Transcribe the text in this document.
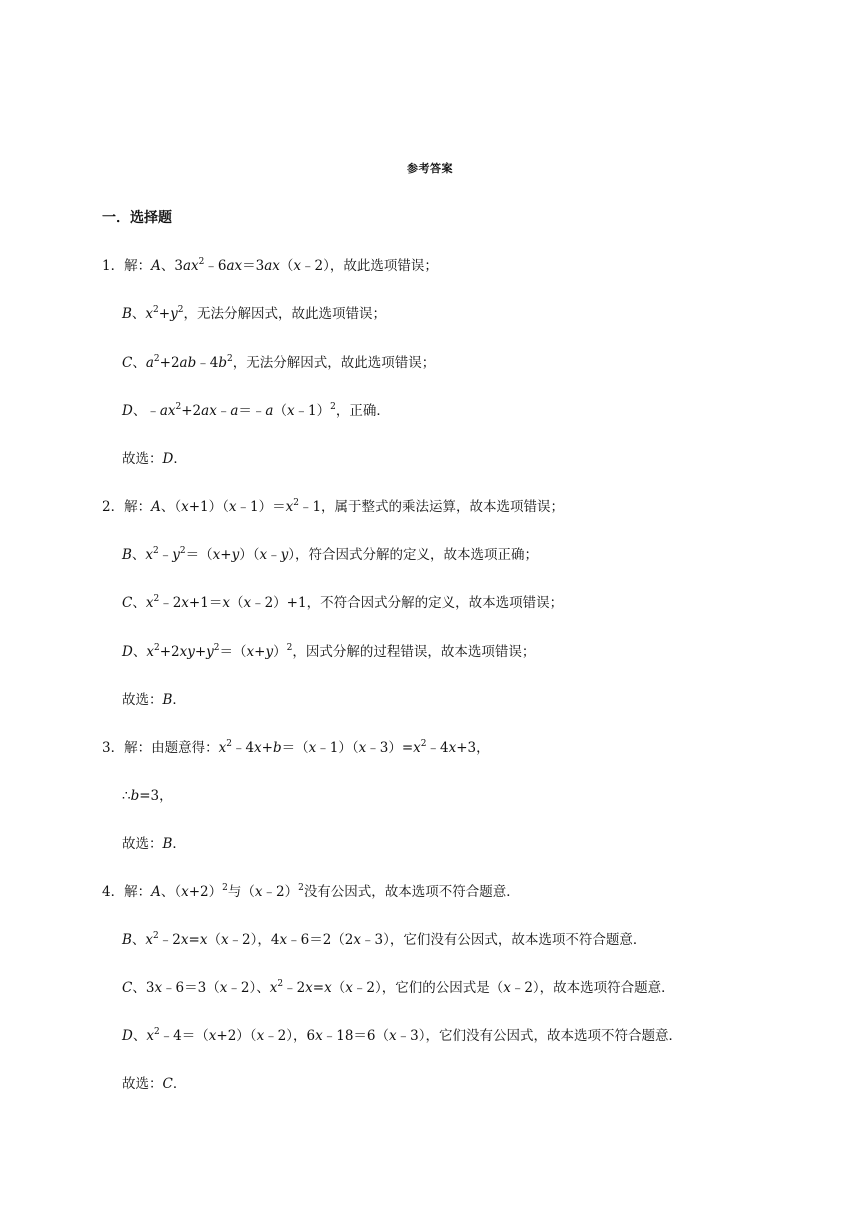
参考答案
一．选择题
1．解：A、$3ax^2﹣6ax=3ax(x﹣2)$，故此选项错误；
B、$x^2+y^2$，无法分解因式，故此选项错误；
C、$a^2+2ab﹣4b^2$，无法分解因式，故此选项错误；
D、$﹣ax^2+2ax﹣a=﹣a(x﹣1)^2$，正确．
故选：D．
2．解：A、$(x+1)(x﹣1)=x^2﹣1$，属于整式的乘法运算，故本选项错误；
B、$x^2﹣y^2=(x+y)(x﹣y)$，符合因式分解的定义，故本选项正确；
C、$x^2﹣2x+1=x(x﹣2)+1$，不符合因式分解的定义，故本选项错误；
D、$x^2+2xy+y^2=(x+y)^2$，因式分解的过程错误，故本选项错误；
故选：B．
3．解：由题意得：$x^2﹣4x+b=(x﹣1)(x﹣3)=x^2﹣4x+3$，
∴b=3，
故选：B．
4．解：A、$(x+2)^2$与（x﹣2）$^2$没有公因式，故本选项不符合题意．
B、$x^2﹣2x=x(x﹣2)$，4x﹣6＝2（2x﹣3），它们没有公因式，故本选项不符合题意．
C、3x﹣6＝3（x﹣2）、$x^2﹣2x=x(x﹣2)$，它们的公因式是（x﹣2），故本选项符合题意．
D、$x^2﹣4=(x+2)(x﹣2)$，6x﹣18＝6（x﹣3），它们没有公因式，故本选项不符合题意．
故选：C．
